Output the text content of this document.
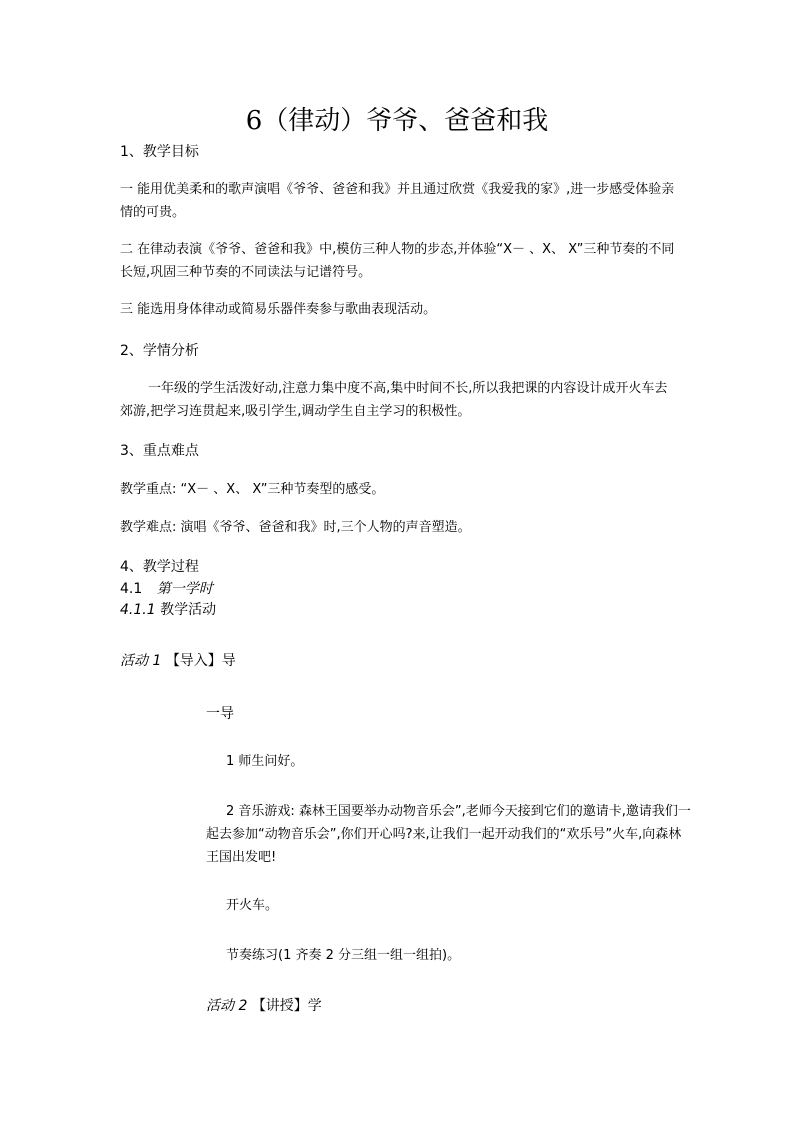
6（律动）爷爷、爸爸和我
1、教学目标
一 能用优美柔和的歌声演唱《爷爷、爸爸和我》并且通过欣赏《我爱我的家》,进一步感受体验亲情的可贵。
二 在律动表演《爷爷、爸爸和我》中,模仿三种人物的步态,并体验“X－ 、X、 X”三种节奏的不同长短,巩固三种节奏的不同读法与记谱符号。
三 能选用身体律动或简易乐器伴奏参与歌曲表现活动。
2、学情分析
一年级的学生活泼好动,注意力集中度不高,集中时间不长,所以我把课的内容设计成开火车去郊游,把学习连贯起来,吸引学生,调动学生自主学习的积极性。
3、重点难点
教学重点: “X－ 、X、 X”三种节奏型的感受。
教学难点: 演唱《爷爷、爸爸和我》时,三个人物的声音塑造。
4、教学过程
4.1 第一学时
4.1.1 教学活动
活动 1 【导入】导
一导
1 师生问好。
2 音乐游戏: 森林王国要举办动物音乐会”,老师今天接到它们的邀请卡,邀请我们一起去参加“动物音乐会”,你们开心吗?来,让我们一起开动我们的“欢乐号”火车,向森林王国出发吧!
开火车。
节奏练习(1 齐奏 2 分三组一组一组拍)。
活动 2 【讲授】学
